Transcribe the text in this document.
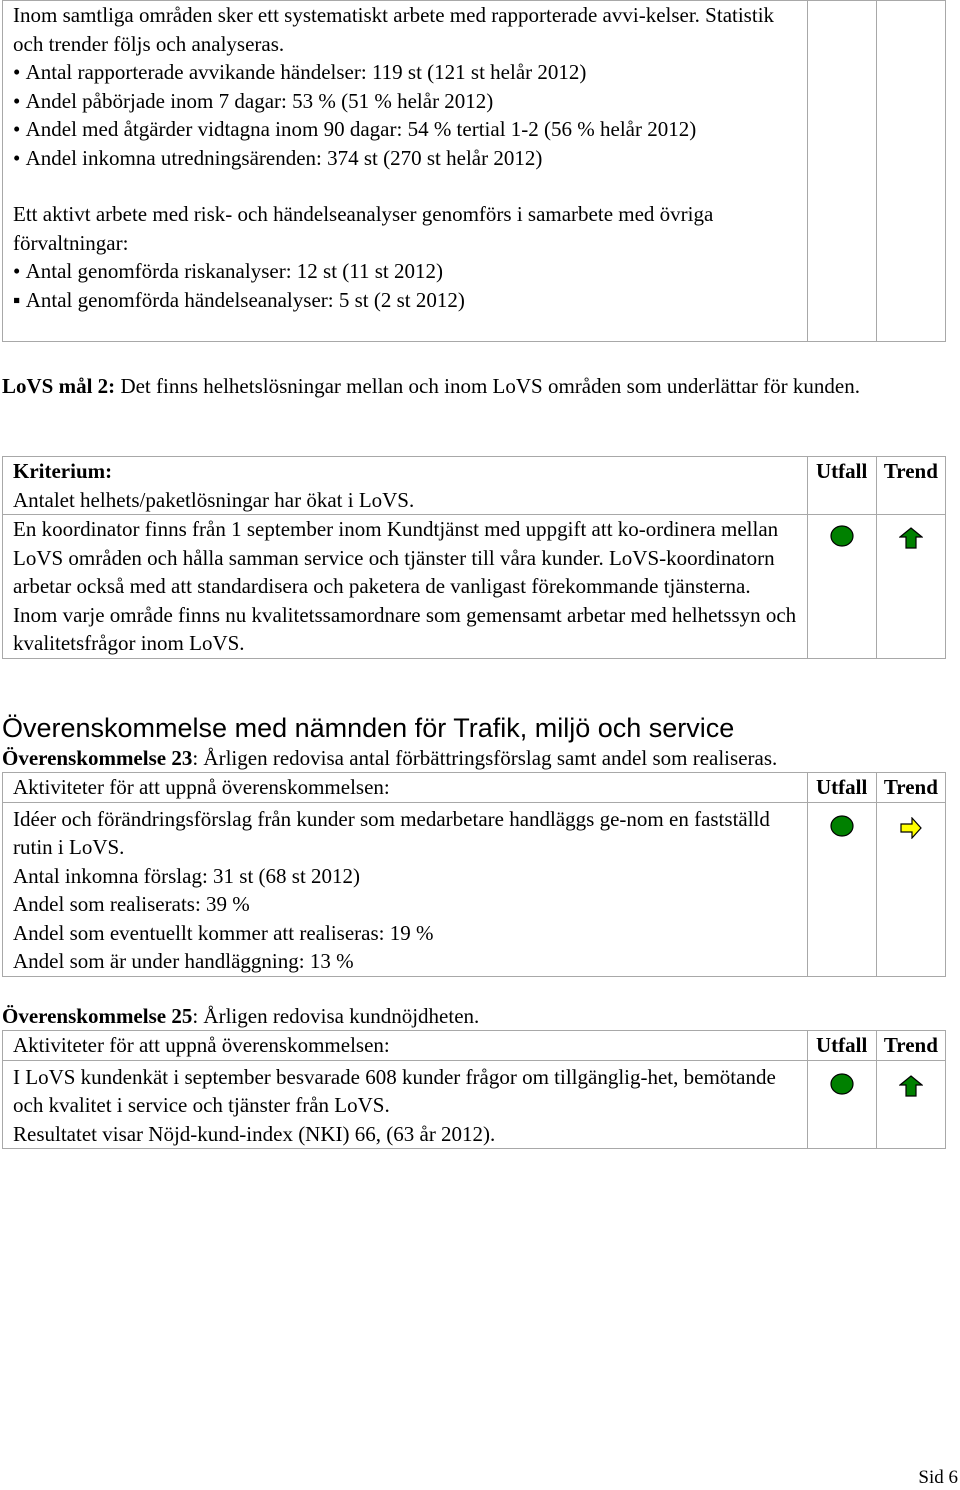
Inom samtliga områden sker ett systematiskt arbete med rapporterade avvi-kelser. Statistik och trender följs och analyseras.

• Antal rapporterade avvikande händelser: 119 st (121 st helår 2012)

• Andel påbörjade inom 7 dagar: 53 % (51 % helår 2012)

• Andel med åtgärder vidtagna inom 90 dagar: 54 % tertial 1-2 (56 % helår 2012)

• Andel inkomna utredningsärenden: 374 st (270 st helår 2012)

Ett aktivt arbete med risk- och händelseanalyser genomförs i samarbete med övriga förvaltningar:

• Antal genomförda riskanalyser: 12 st (11 st 2012)

▪ Antal genomförda händelseanalyser: 5 st (2 st 2012)

LoVS mål 2: Det finns helhetslösningar mellan och inom LoVS områden som underlättar för kunden.

Kriterium:

Antalet helhets/paketlösningar har ökat i LoVS.	Utfall	Trend

En koordinator finns från 1 september inom Kundtjänst med uppgift att ko-ordinera mellan LoVS områden och hålla samman service och tjänster till våra kunder. LoVS-koordinatorn arbetar också med att standardisera och paketera de vanligast förekommande tjänsterna.

Inom varje område finns nu kvalitetssamordnare som gemensamt arbetar med helhetssyn och kvalitetsfrågor inom LoVS.

Överenskommelse med nämnden för Trafik, miljö och service
Överenskommelse 23: Årligen redovisa antal förbättringsförslag samt andel som realiseras.
Aktiviteter för att uppnå överenskommelsen:	Utfall	Trend

Idéer och förändringsförslag från kunder som medarbetare handläggs ge-nom en fastställd rutin i LoVS.

Antal inkomna förslag: 31 st (68 st 2012)

Andel som realiserats: 39 %

Andel som eventuellt kommer att realiseras: 19 %

Andel som är under handläggning: 13 %

Överenskommelse 25: Årligen redovisa kundnöjdheten.
Aktiviteter för att uppnå överenskommelsen:	Utfall	Trend

I LoVS kundenkät i september besvarade 608 kunder frågor om tillgänglig-het, bemötande och kvalitet i service och tjänster från LoVS.

Resultatet visar Nöjd-kund-index (NKI) 66, (63 år 2012).

Sid 6
